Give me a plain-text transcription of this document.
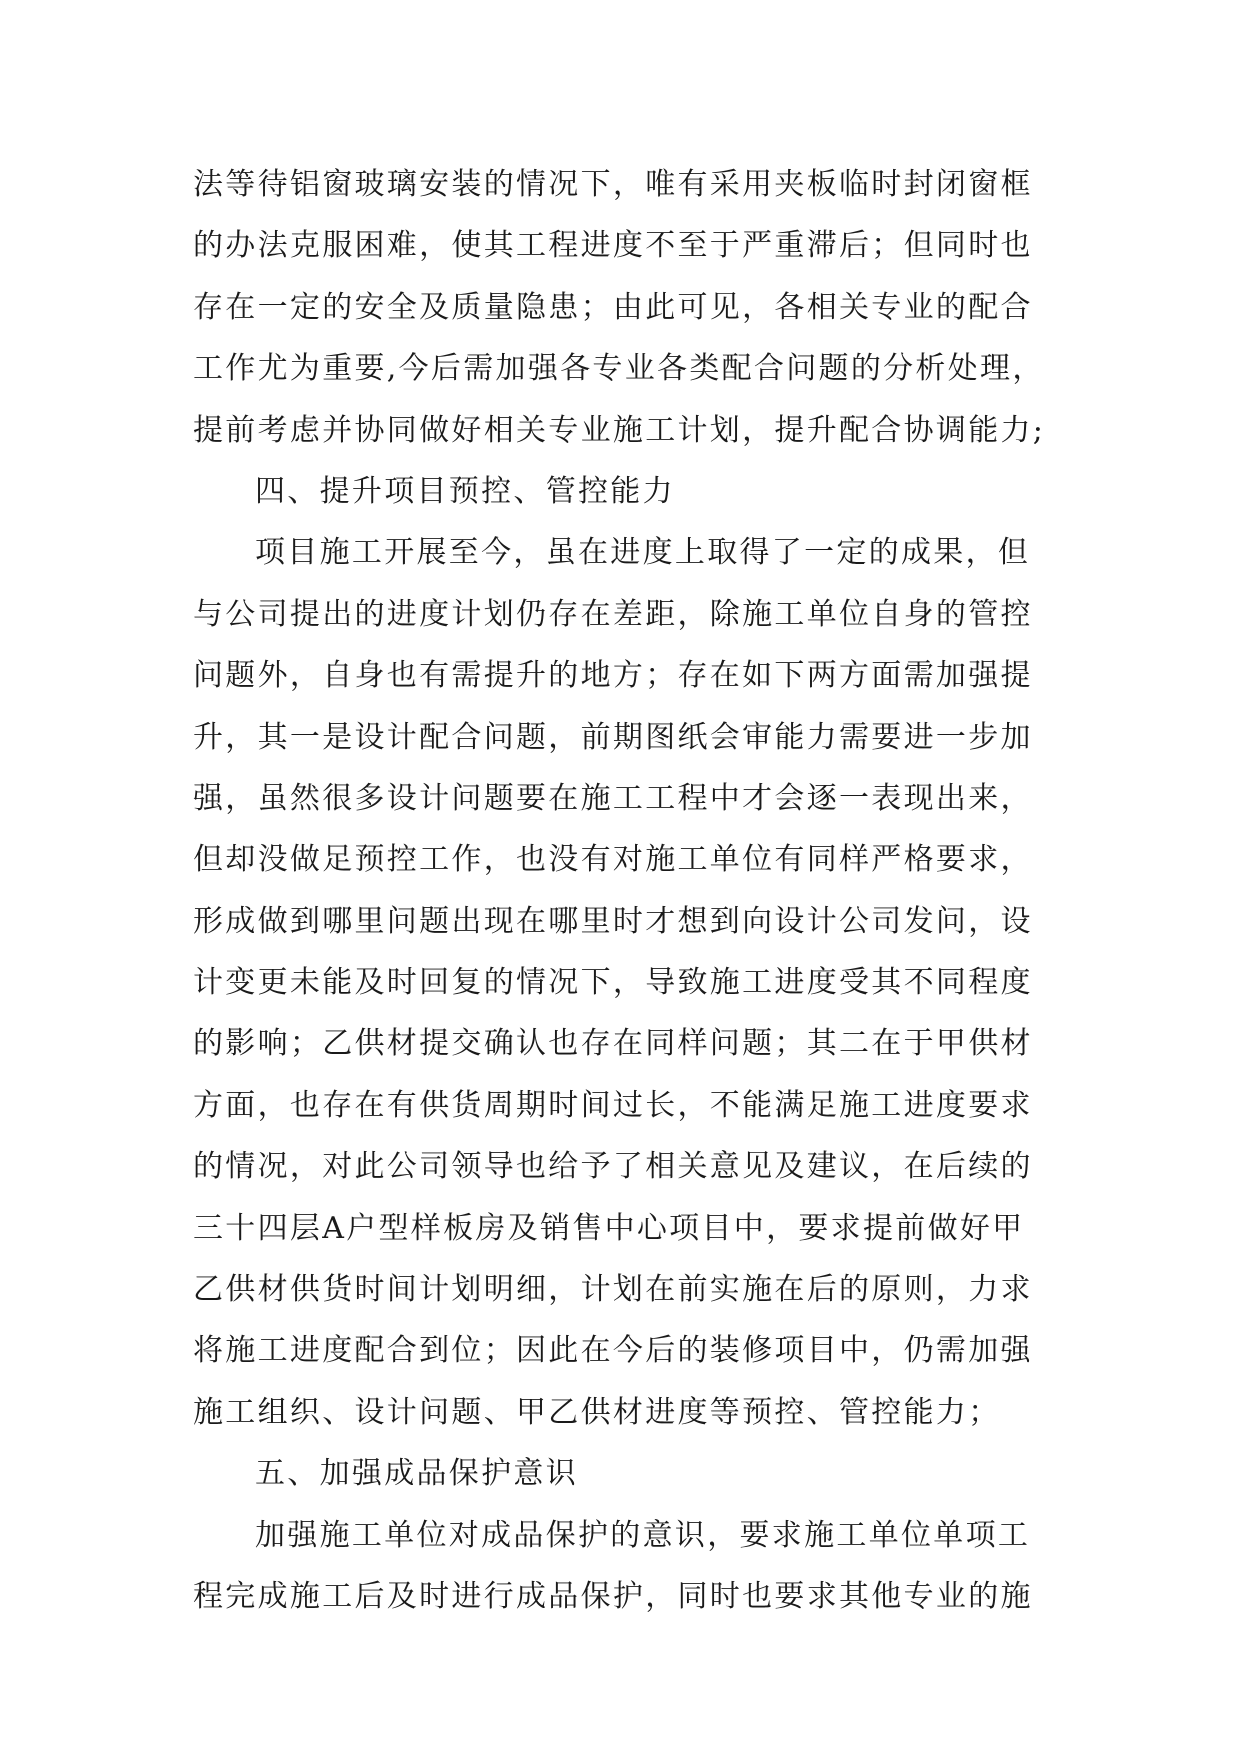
法等待铝窗玻璃安装的情况下，唯有采用夹板临时封闭窗框
的办法克服困难，使其工程进度不至于严重滞后；但同时也
存在一定的安全及质量隐患；由此可见，各相关专业的配合
工作尤为重要,今后需加强各专业各类配合问题的分析处理，
提前考虑并协同做好相关专业施工计划，提升配合协调能力;
四、提升项目预控、管控能力
项目施工开展至今，虽在进度上取得了一定的成果，但
与公司提出的进度计划仍存在差距，除施工单位自身的管控
问题外，自身也有需提升的地方；存在如下两方面需加强提
升，其一是设计配合问题，前期图纸会审能力需要进一步加
强，虽然很多设计问题要在施工工程中才会逐一表现出来，
但却没做足预控工作，也没有对施工单位有同样严格要求，
形成做到哪里问题出现在哪里时才想到向设计公司发问，设
计变更未能及时回复的情况下，导致施工进度受其不同程度
的影响；乙供材提交确认也存在同样问题；其二在于甲供材
方面，也存在有供货周期时间过长，不能满足施工进度要求
的情况，对此公司领导也给予了相关意见及建议，在后续的
三十四层A户型样板房及销售中心项目中，要求提前做好甲
乙供材供货时间计划明细，计划在前实施在后的原则，力求
将施工进度配合到位；因此在今后的装修项目中，仍需加强
施工组织、设计问题、甲乙供材进度等预控、管控能力；
五、加强成品保护意识
加强施工单位对成品保护的意识，要求施工单位单项工
程完成施工后及时进行成品保护，同时也要求其他专业的施
